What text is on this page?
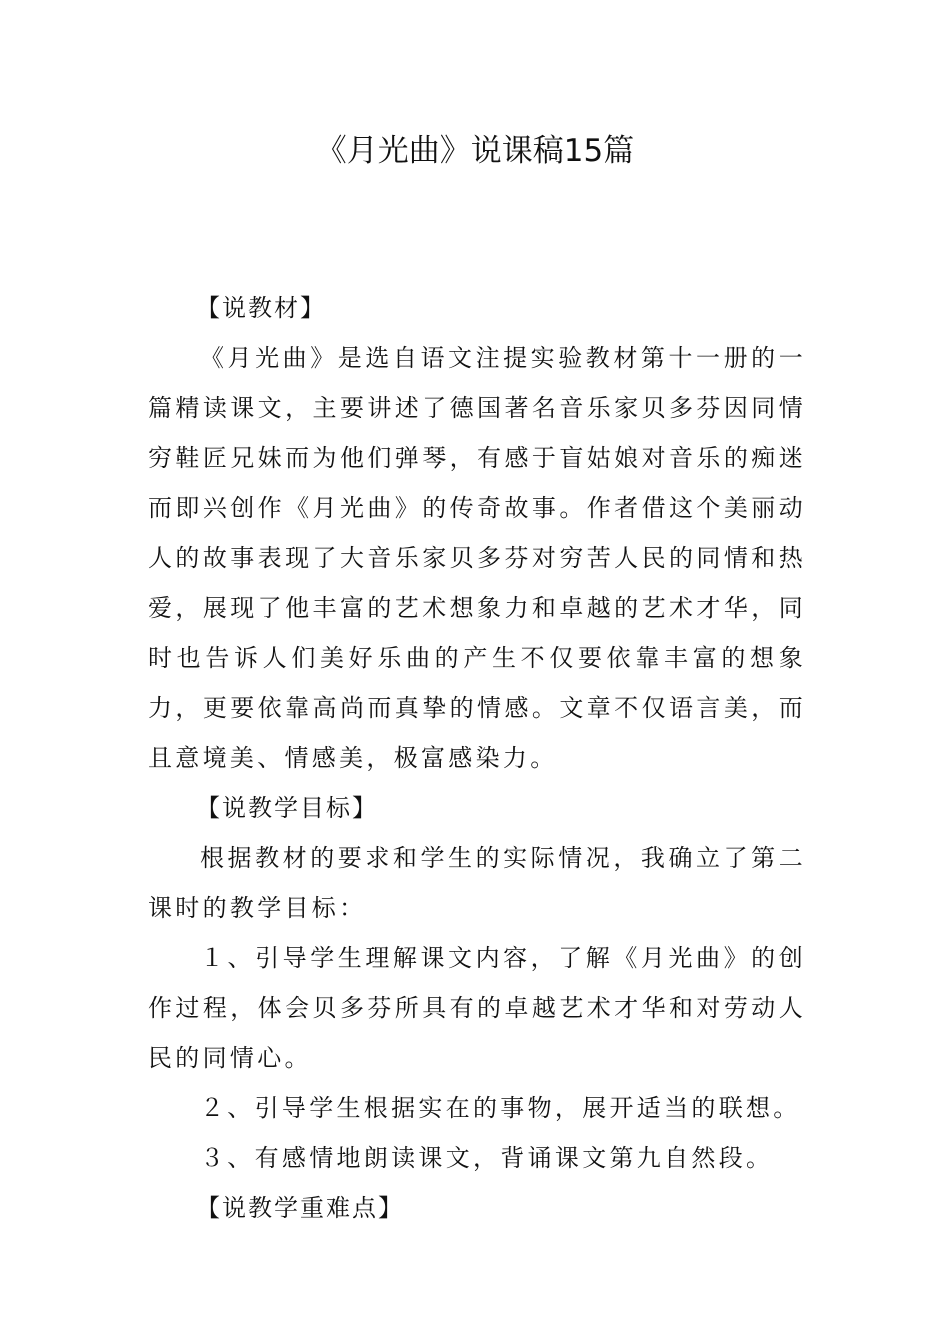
《月光曲》说课稿15篇

【说教材】

《月光曲》是选自语文注提实验教材第十一册的一篇精读课文，主要讲述了德国著名音乐家贝多芬因同情穷鞋匠兄妹而为他们弹琴，有感于盲姑娘对音乐的痴迷而即兴创作《月光曲》的传奇故事。作者借这个美丽动人的故事表现了大音乐家贝多芬对穷苦人民的同情和热爱，展现了他丰富的艺术想象力和卓越的艺术才华，同时也告诉人们美好乐曲的产生不仅要依靠丰富的想象力，更要依靠高尚而真挚的情感。文章不仅语言美，而且意境美、情感美，极富感染力。

【说教学目标】

根据教材的要求和学生的实际情况，我确立了第二课时的教学目标：

１、引导学生理解课文内容，了解《月光曲》的创作过程，体会贝多芬所具有的卓越艺术才华和对劳动人民的同情心。

２、引导学生根据实在的事物，展开适当的联想。

３、有感情地朗读课文，背诵课文第九自然段。

【说教学重难点】
